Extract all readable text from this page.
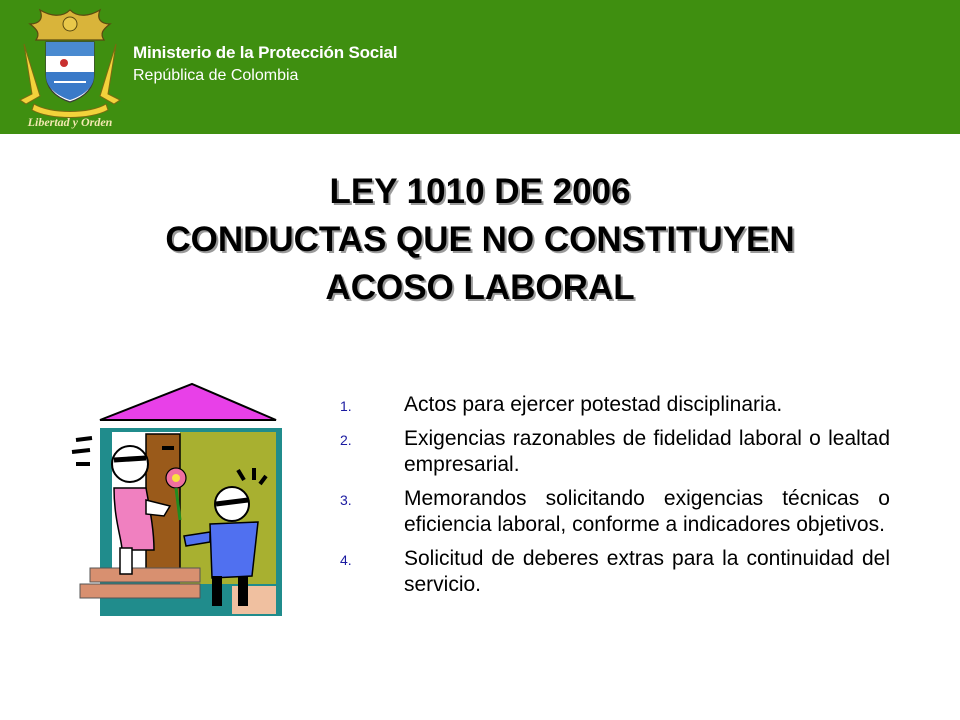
Libertad y Orden
Ministerio de la Protección Social
República de Colombia
LEY 1010 DE 2006
CONDUCTAS QUE NO CONSTITUYEN
ACOSO LABORAL
1. Actos para ejercer potestad disciplinaria.
2. Exigencias razonables de fidelidad laboral o lealtad empresarial.
3. Memorandos solicitando exigencias técnicas o eficiencia laboral, conforme a indicadores objetivos.
4. Solicitud de deberes extras para la continuidad del servicio.
